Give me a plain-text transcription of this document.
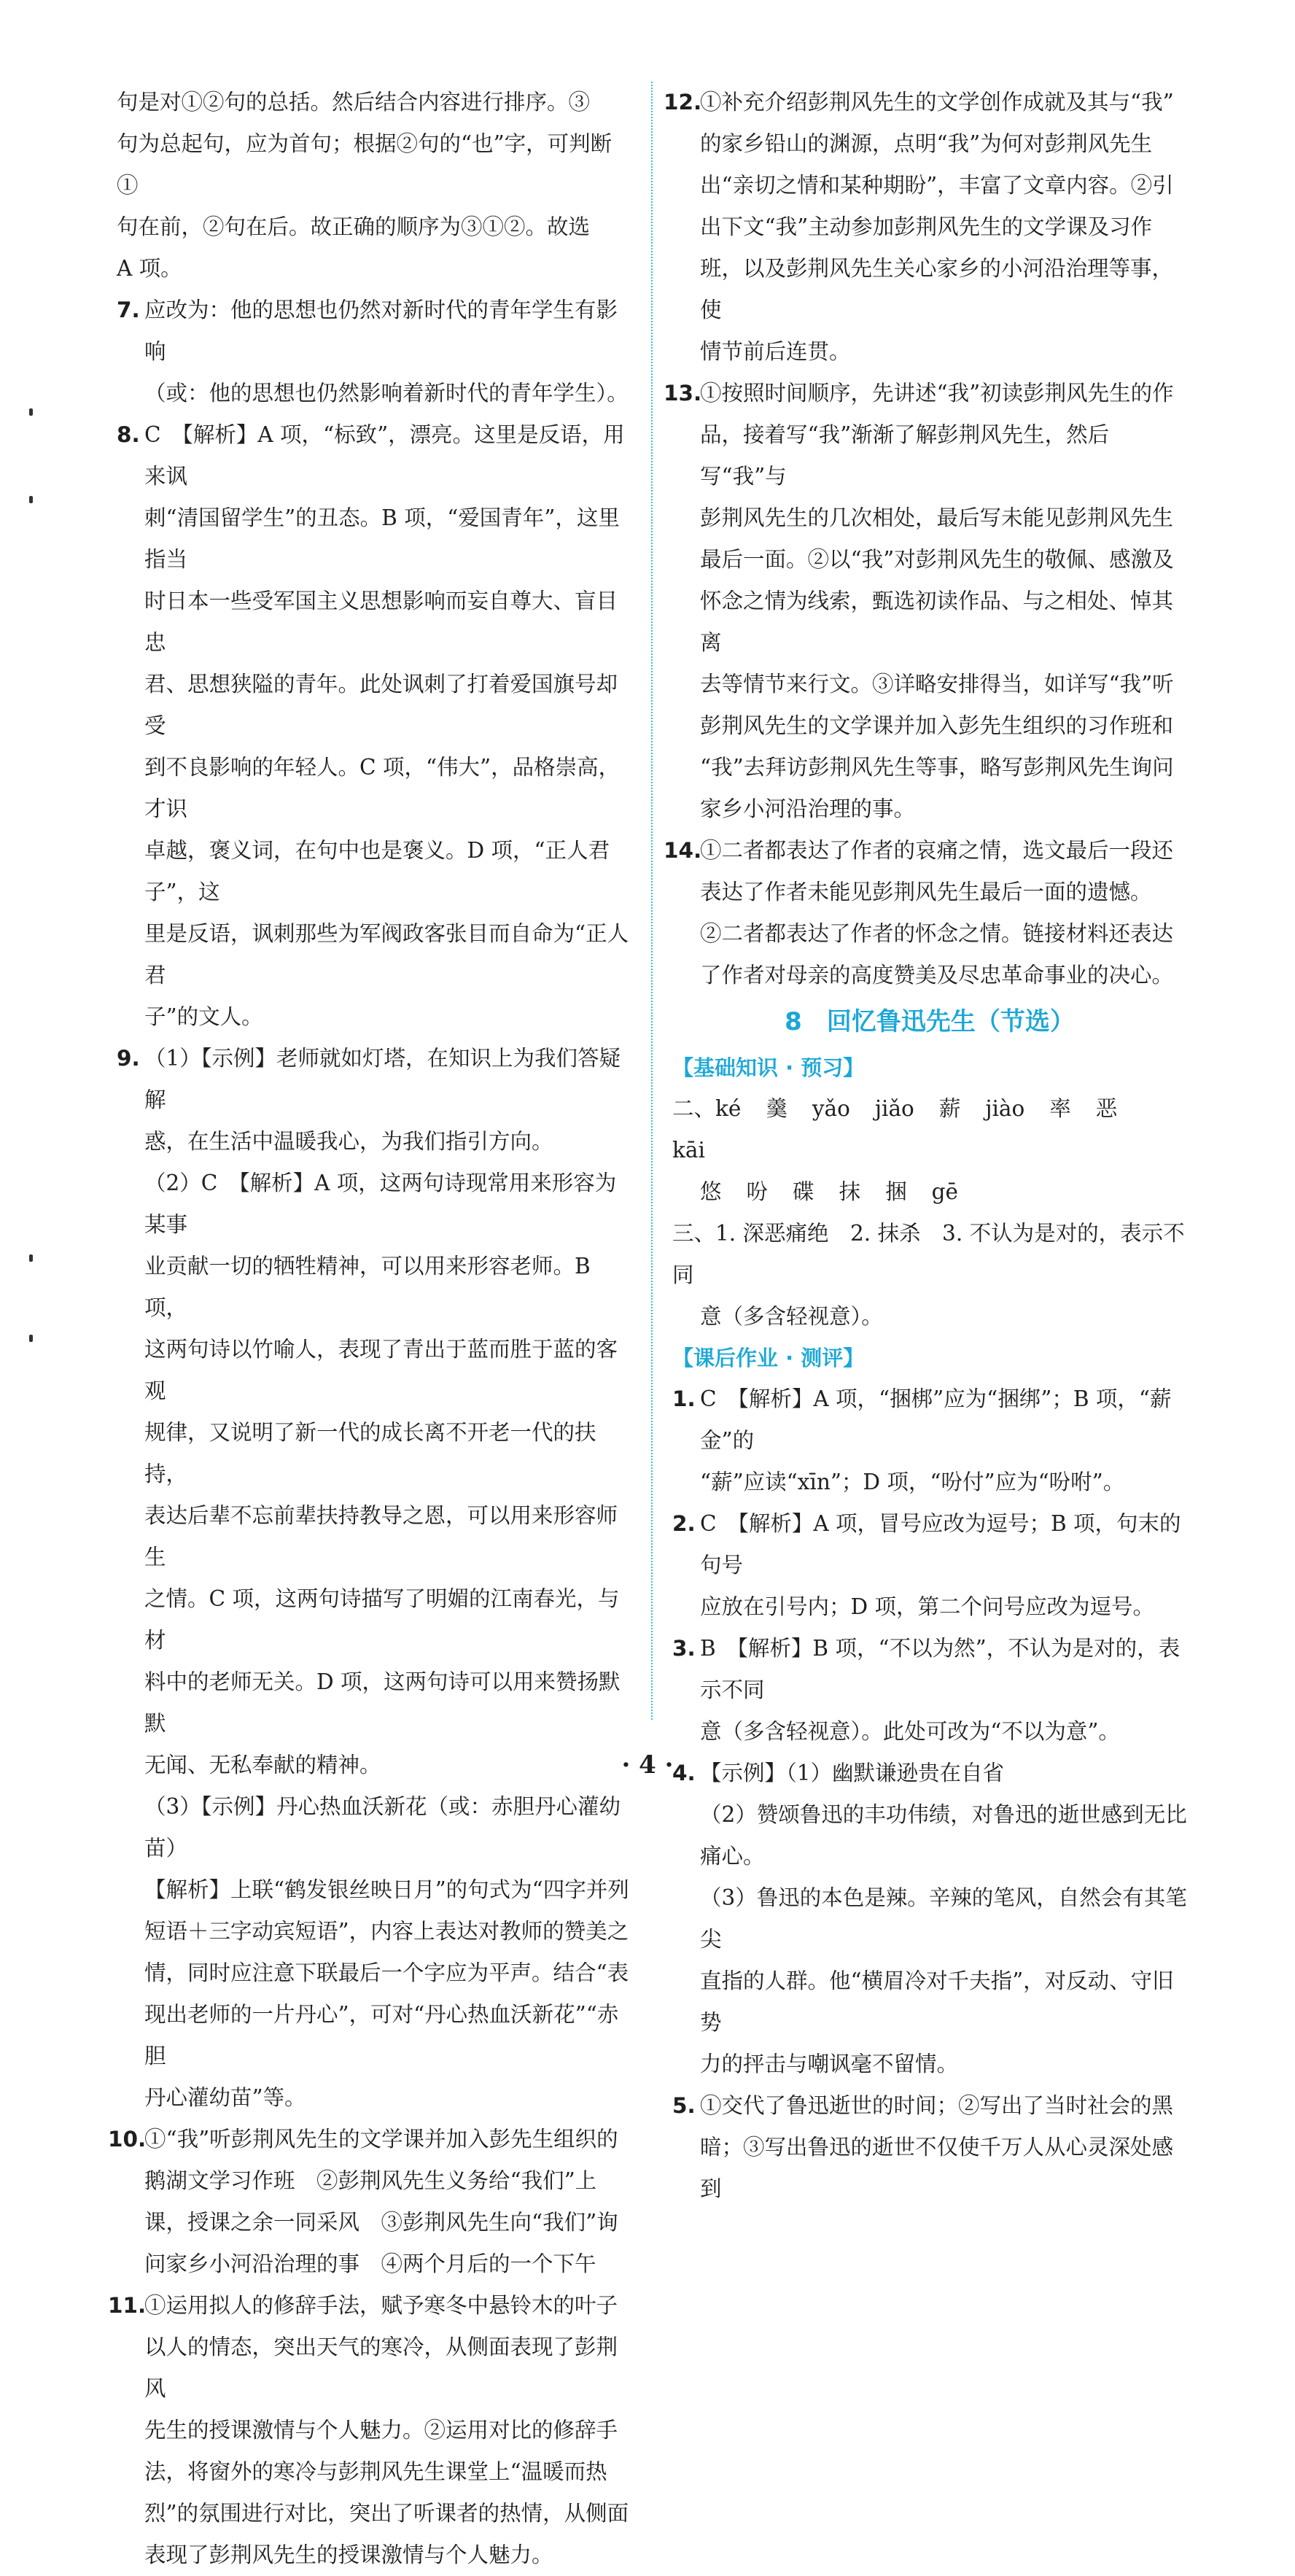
句是对①②句的总括。然后结合内容进行排序。③
句为总起句，应为首句；根据②句的“也”字，可判断①
句在前，②句在后。故正确的顺序为③①②。故选
A 项。
7. 应改为：他的思想也仍然对新时代的青年学生有影响
（或：他的思想也仍然影响着新时代的青年学生）。
8. C　【解析】A 项，“标致”，漂亮。这里是反语，用来讽
刺“清国留学生”的丑态。B 项，“爱国青年”，这里指当
时日本一些受军国主义思想影响而妄自尊大、盲目忠
君、思想狭隘的青年。此处讽刺了打着爱国旗号却受
到不良影响的年轻人。C 项，“伟大”，品格崇高，才识
卓越，褒义词，在句中也是褒义。D 项，“正人君子”，这
里是反语，讽刺那些为军阀政客张目而自命为“正人君
子”的文人。
9. （1）【示例】老师就如灯塔，在知识上为我们答疑解
惑，在生活中温暖我心，为我们指引方向。
（2）C　【解析】A 项，这两句诗现常用来形容为某事
业贡献一切的牺牲精神，可以用来形容老师。B 项，
这两句诗以竹喻人，表现了青出于蓝而胜于蓝的客观
规律，又说明了新一代的成长离不开老一代的扶持，
表达后辈不忘前辈扶持教导之恩，可以用来形容师生
之情。C 项，这两句诗描写了明媚的江南春光，与材
料中的老师无关。D 项，这两句诗可以用来赞扬默默
无闻、无私奉献的精神。
（3）【示例】丹心热血沃新花（或：赤胆丹心灌幼苗）
【解析】上联“鹤发银丝映日月”的句式为“四字并列
短语＋三字动宾短语”，内容上表达对教师的赞美之
情，同时应注意下联最后一个字应为平声。结合“表
现出老师的一片丹心”，可对“丹心热血沃新花”“赤胆
丹心灌幼苗”等。
10.
①“我”听彭荆风先生的文学课并加入彭先生组织的
鹅湖文学习作班　②彭荆风先生义务给“我们”上
课，授课之余一同采风　③彭荆风先生向“我们”询
问家乡小河沿治理的事　④两个月后的一个下午
11.
①运用拟人的修辞手法，赋予寒冬中悬铃木的叶子
以人的情态，突出天气的寒冷，从侧面表现了彭荆风
先生的授课激情与个人魅力。②运用对比的修辞手
法，将窗外的寒冷与彭荆风先生课堂上“温暖而热
烈”的氛围进行对比，突出了听课者的热情，从侧面
表现了彭荆风先生的授课激情与个人魅力。
12.
①补充介绍彭荆风先生的文学创作成就及其与“我”
的家乡铅山的渊源，点明“我”为何对彭荆风先生
出“亲切之情和某种期盼”，丰富了文章内容。②引
出下文“我”主动参加彭荆风先生的文学课及习作
班，以及彭荆风先生关心家乡的小河沿治理等事，使
情节前后连贯。
13.
①按照时间顺序，先讲述“我”初读彭荆风先生的作
品，接着写“我”渐渐了解彭荆风先生，然后写“我”与
彭荆风先生的几次相处，最后写未能见彭荆风先生
最后一面。②以“我”对彭荆风先生的敬佩、感激及
怀念之情为线索，甄选初读作品、与之相处、悼其离
去等情节来行文。③详略安排得当，如详写“我”听
彭荆风先生的文学课并加入彭先生组织的习作班和
“我”去拜访彭荆风先生等事，略写彭荆风先生询问
家乡小河沿治理的事。
14.
①二者都表达了作者的哀痛之情，选文最后一段还
表达了作者未能见彭荆风先生最后一面的遗憾。
②二者都表达了作者的怀念之情。链接材料还表达
了作者对母亲的高度赞美及尽忠革命事业的决心。
8　回忆鲁迅先生（节选）
【基础知识 · 预习】
二、ké 羹 yǎo jiǎo 薪 jiào 率 恶kāi
悠 吩 碟 抹 捆 gē
三、1. 深恶痛绝　2. 抹杀　3. 不认为是对的，表示不同
意（多含轻视意）。
【课后作业 · 测评】
1. C　【解析】A 项，“捆梆”应为“捆绑”；B 项，“薪金”的
“薪”应读“xīn”；D 项，“吩付”应为“吩咐”。
2. C　【解析】A 项，冒号应改为逗号；B 项，句末的句号
应放在引号内；D 项，第二个问号应改为逗号。
3. B　【解析】B 项，“不以为然”，不认为是对的，表示不同
意（多含轻视意）。此处可改为“不以为意”。
4. 【示例】（1）幽默谦逊贵在自省
（2）赞颂鲁迅的丰功伟绩，对鲁迅的逝世感到无比
痛心。
（3）鲁迅的本色是辣。辛辣的笔风，自然会有其笔尖
直指的人群。他“横眉冷对千夫指”，对反动、守旧势
力的抨击与嘲讽毫不留情。
5. ①交代了鲁迅逝世的时间；②写出了当时社会的黑
暗；③写出鲁迅的逝世不仅使千万人从心灵深处感到
· 4 ·
